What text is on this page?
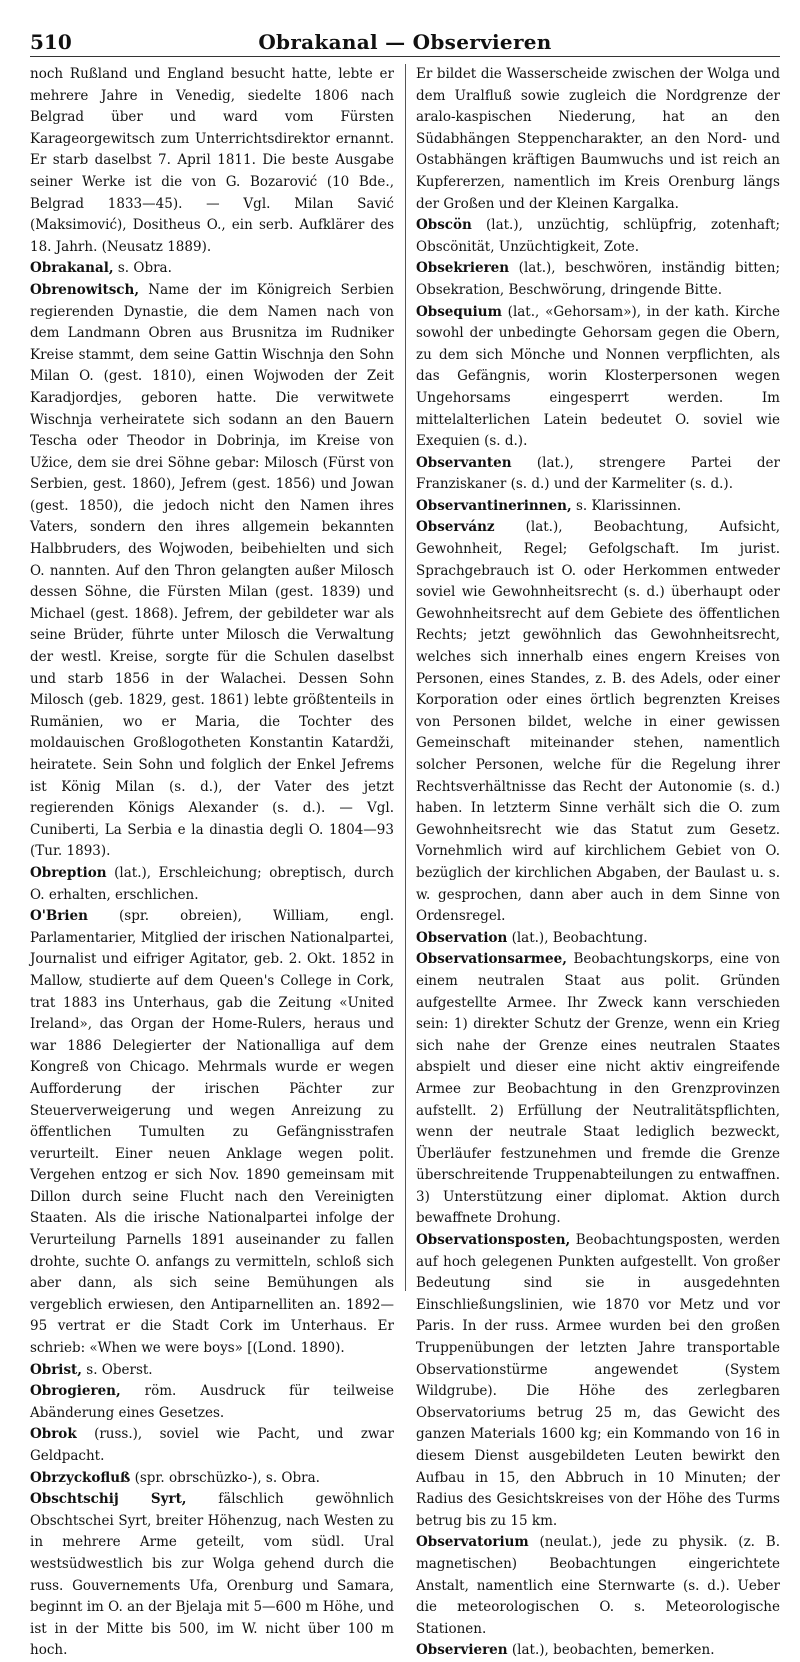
510	Obrakanal — Observieren

noch Rußland und England besucht hatte, lebte er mehrere Jahre in Venedig, siedelte 1806 nach Belgrad über und ward vom Fürsten Karageorgewitsch zum Unterrichtsdirektor ernannt. Er starb daselbst 7. April 1811. Die beste Ausgabe seiner Werke ist die von G. Bozarović (10 Bde., Belgrad 1833—45). — Vgl. Milan Savić (Maksimović), Dositheus O., ein serb. Aufklärer des 18. Jahrh. (Neusatz 1889).

Obrakanal, s. Obra.

Obrenowitsch, Name der im Königreich Serbien regierenden Dynastie, die dem Namen nach von dem Landmann Obren aus Brusnitza im Rudniker Kreise stammt, dem seine Gattin Wischnja den Sohn Milan O. (gest. 1810), einen Wojwoden der Zeit Karadjordjes, geboren hatte. Die verwitwete Wischnja verheiratete sich sodann an den Bauern Tescha oder Theodor in Dobrinja, im Kreise von Užice, dem sie drei Söhne gebar: Milosch (Fürst von Serbien, gest. 1860), Jefrem (gest. 1856) und Jowan (gest. 1850), die jedoch nicht den Namen ihres Vaters, sondern den ihres allgemein bekannten Halbbruders, des Wojwoden, beibehielten und sich O. nannten. Auf den Thron gelangten außer Milosch dessen Söhne, die Fürsten Milan (gest. 1839) und Michael (gest. 1868). Jefrem, der gebildeter war als seine Brüder, führte unter Milosch die Verwaltung der westl. Kreise, sorgte für die Schulen daselbst und starb 1856 in der Walachei. Dessen Sohn Milosch (geb. 1829, gest. 1861) lebte größtenteils in Rumänien, wo er Maria, die Tochter des moldauischen Großlogotheten Konstantin Katardži, heiratete. Sein Sohn und folglich der Enkel Jefrems ist König Milan (s. d.), der Vater des jetzt regierenden Königs Alexander (s. d.). — Vgl. Cuniberti, La Serbia e la dinastia degli O. 1804—93 (Tur. 1893).

Obreption (lat.), Erschleichung; obreptisch, durch O. erhalten, erschlichen.

O'Brien (spr. obreien), William, engl. Parlamentarier, Mitglied der irischen Nationalpartei, Journalist und eifriger Agitator, geb. 2. Okt. 1852 in Mallow, studierte auf dem Queen's College in Cork, trat 1883 ins Unterhaus, gab die Zeitung «United Ireland», das Organ der Home-Rulers, heraus und war 1886 Delegierter der Nationalliga auf dem Kongreß von Chicago. Mehrmals wurde er wegen Aufforderung der irischen Pächter zur Steuerverweigerung und wegen Anreizung zu öffentlichen Tumulten zu Gefängnisstrafen verurteilt. Einer neuen Anklage wegen polit. Vergehen entzog er sich Nov. 1890 gemeinsam mit Dillon durch seine Flucht nach den Vereinigten Staaten. Als die irische Nationalpartei infolge der Verurteilung Parnells 1891 auseinander zu fallen drohte, suchte O. anfangs zu vermitteln, schloß sich aber dann, als sich seine Bemühungen als vergeblich erwiesen, den Antiparnelliten an. 1892—95 vertrat er die Stadt Cork im Unterhaus. Er schrieb: «When we were boys» [(Lond. 1890).

Obrist, s. Oberst.

Obrogieren, röm. Ausdruck für teilweise Abänderung eines Gesetzes.

Obrok (russ.), soviel wie Pacht, und zwar Geldpacht.

Obrzyckofluß (spr. obrschüzko-), s. Obra.

Obschtschij Syrt, fälschlich gewöhnlich Obschtschei Syrt, breiter Höhenzug, nach Westen zu in mehrere Arme geteilt, vom südl. Ural westsüdwestlich bis zur Wolga gehend durch die russ. Gouvernements Ufa, Orenburg und Samara, beginnt im O. an der Bjelaja mit 5—600 m Höhe, und ist in der Mitte bis 500, im W. nicht über 100 m hoch.

Er bildet die Wasserscheide zwischen der Wolga und dem Uralfluß sowie zugleich die Nordgrenze der aralo-kaspischen Niederung, hat an den Südabhängen Steppencharakter, an den Nord- und Ostabhängen kräftigen Baumwuchs und ist reich an Kupfererzen, namentlich im Kreis Orenburg längs der Großen und der Kleinen Kargalka.

Obscön (lat.), unzüchtig, schlüpfrig, zotenhaft; Obscönität, Unzüchtigkeit, Zote.

Obsekrieren (lat.), beschwören, inständig bitten; Obsekration, Beschwörung, dringende Bitte.

Obsequium (lat., «Gehorsam»), in der kath. Kirche sowohl der unbedingte Gehorsam gegen die Obern, zu dem sich Mönche und Nonnen verpflichten, als das Gefängnis, worin Klosterpersonen wegen Ungehorsams eingesperrt werden. Im mittelalterlichen Latein bedeutet O. soviel wie Exequien (s. d.).

Observanten (lat.), strengere Partei der Franziskaner (s. d.) und der Karmeliter (s. d.).

Observantinerinnen, s. Klarissinnen.

Observánz (lat.), Beobachtung, Aufsicht, Gewohnheit, Regel; Gefolgschaft. Im jurist. Sprachgebrauch ist O. oder Herkommen entweder soviel wie Gewohnheitsrecht (s. d.) überhaupt oder Gewohnheitsrecht auf dem Gebiete des öffentlichen Rechts; jetzt gewöhnlich das Gewohnheitsrecht, welches sich innerhalb eines engern Kreises von Personen, eines Standes, z. B. des Adels, oder einer Korporation oder eines örtlich begrenzten Kreises von Personen bildet, welche in einer gewissen Gemeinschaft miteinander stehen, namentlich solcher Personen, welche für die Regelung ihrer Rechtsverhältnisse das Recht der Autonomie (s. d.) haben. In letzterm Sinne verhält sich die O. zum Gewohnheitsrecht wie das Statut zum Gesetz. Vornehmlich wird auf kirchlichem Gebiet von O. bezüglich der kirchlichen Abgaben, der Baulast u. s. w. gesprochen, dann aber auch in dem Sinne von Ordensregel.

Observation (lat.), Beobachtung.

Observationsarmee, Beobachtungskorps, eine von einem neutralen Staat aus polit. Gründen aufgestellte Armee. Ihr Zweck kann verschieden sein: 1) direkter Schutz der Grenze, wenn ein Krieg sich nahe der Grenze eines neutralen Staates abspielt und dieser eine nicht aktiv eingreifende Armee zur Beobachtung in den Grenzprovinzen aufstellt. 2) Erfüllung der Neutralitätspflichten, wenn der neutrale Staat lediglich bezweckt, Überläufer festzunehmen und fremde die Grenze überschreitende Truppenabteilungen zu entwaffnen. 3) Unterstützung einer diplomat. Aktion durch bewaffnete Drohung.

Observationsposten, Beobachtungsposten, werden auf hoch gelegenen Punkten aufgestellt. Von großer Bedeutung sind sie in ausgedehnten Einschließungslinien, wie 1870 vor Metz und vor Paris. In der russ. Armee wurden bei den großen Truppenübungen der letzten Jahre transportable Observationstürme angewendet (System Wildgrube). Die Höhe des zerlegbaren Observatoriums betrug 25 m, das Gewicht des ganzen Materials 1600 kg; ein Kommando von 16 in diesem Dienst ausgebildeten Leuten bewirkt den Aufbau in 15, den Abbruch in 10 Minuten; der Radius des Gesichtskreises von der Höhe des Turms betrug bis zu 15 km.

Observatorium (neulat.), jede zu physik. (z. B. magnetischen) Beobachtungen eingerichtete Anstalt, namentlich eine Sternwarte (s. d.). Ueber die meteorologischen O. s. Meteorologische Stationen.

Observieren (lat.), beobachten, bemerken.
